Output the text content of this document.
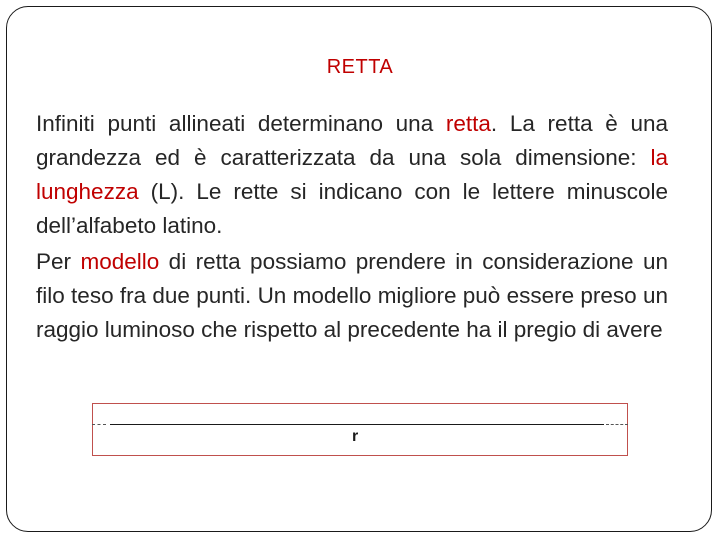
RETTA

Infiniti punti allineati determinano una retta. La retta è una grandezza ed è caratterizzata da una sola dimensione: la lunghezza (L). Le rette si indicano con le lettere minuscole dell’alfabeto latino.

Per modello di retta possiamo prendere in considerazione un filo teso fra due punti. Un modello migliore può essere preso un raggio luminoso che rispetto al precedente ha il pregio di avere

r
